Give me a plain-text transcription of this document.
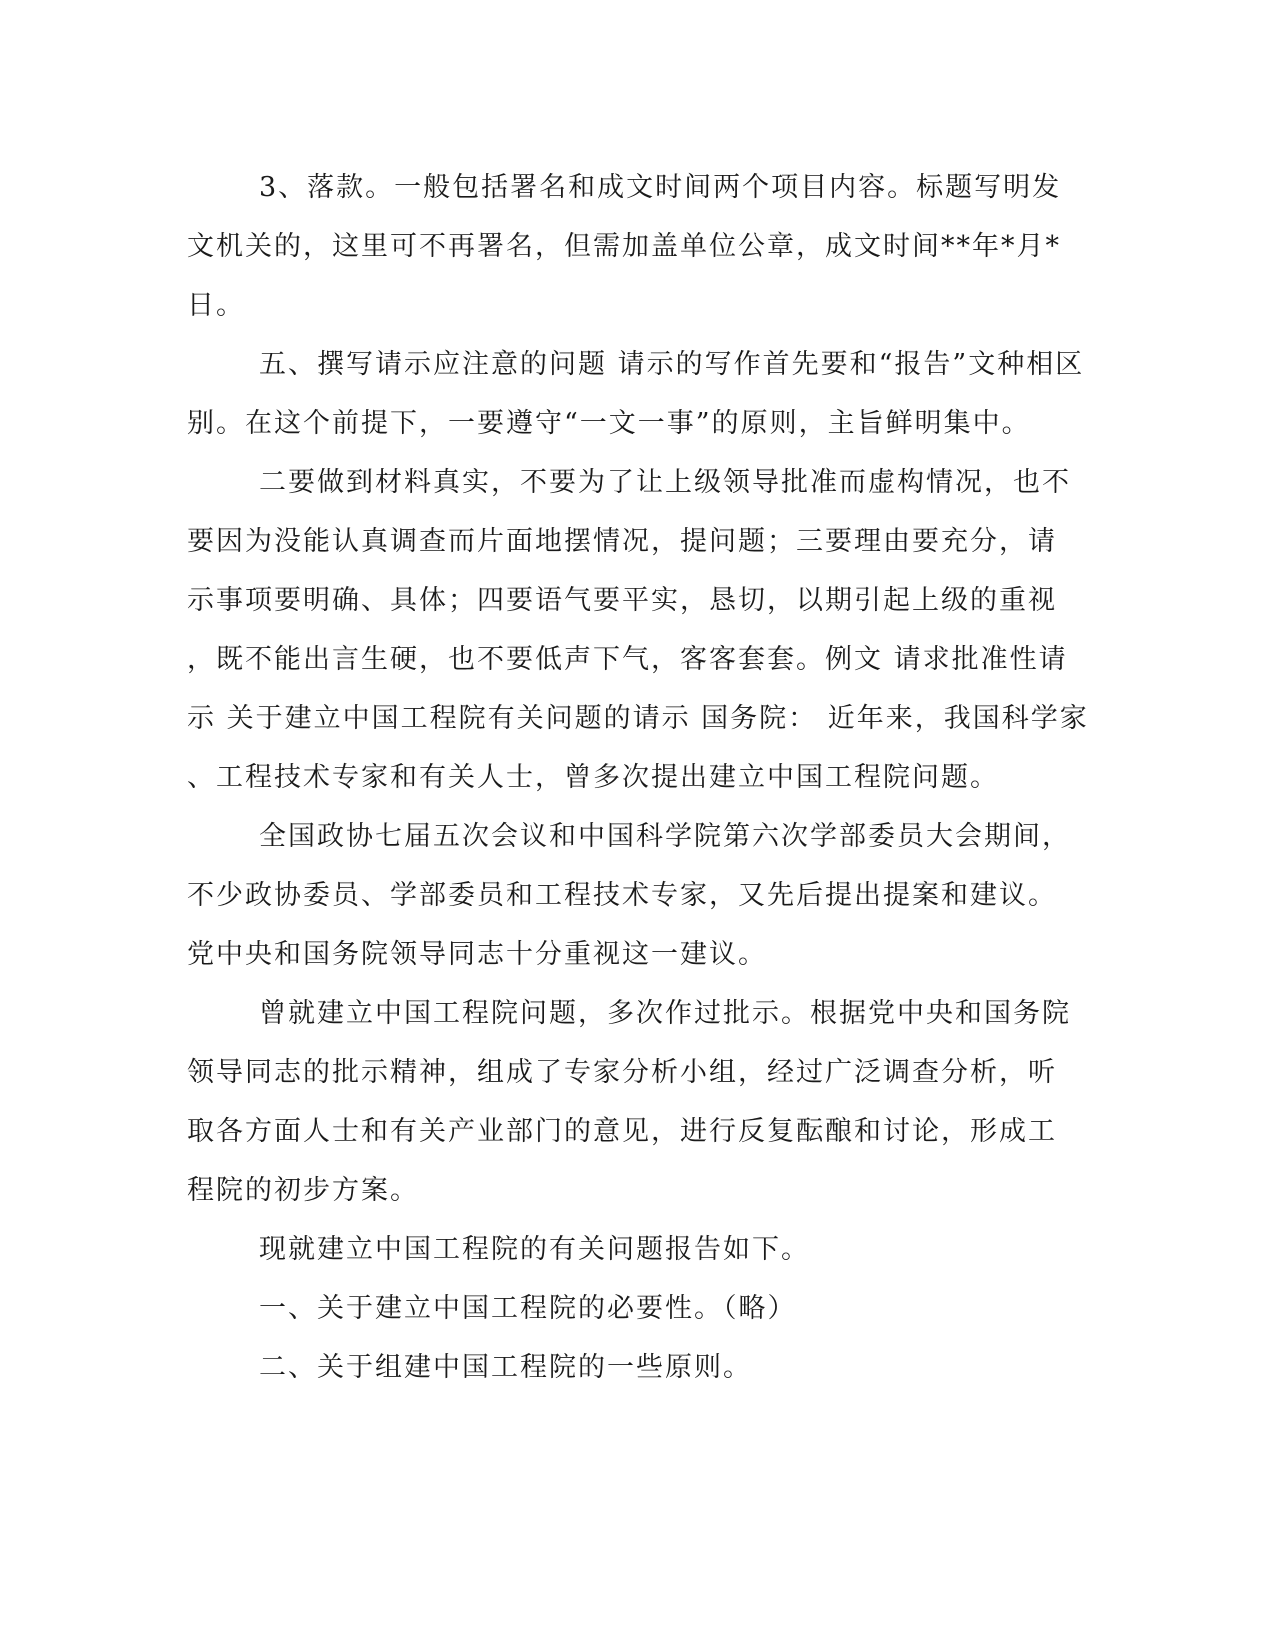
3、落款。一般包括署名和成文时间两个项目内容。标题写明发
文机关的，这里可不再署名，但需加盖单位公章，成文时间**年*月*
日。
五、撰写请示应注意的问题 请示的写作首先要和“报告”文种相区
别。在这个前提下，一要遵守“一文一事”的原则，主旨鲜明集中。
二要做到材料真实，不要为了让上级领导批准而虚构情况，也不
要因为没能认真调查而片面地摆情况，提问题；三要理由要充分，请
示事项要明确、具体；四要语气要平实，恳切，以期引起上级的重视
，既不能出言生硬，也不要低声下气，客客套套。例文 请求批准性请
示 关于建立中国工程院有关问题的请示 国务院： 近年来，我国科学家
、工程技术专家和有关人士，曾多次提出建立中国工程院问题。
全国政协七届五次会议和中国科学院第六次学部委员大会期间，
不少政协委员、学部委员和工程技术专家，又先后提出提案和建议。
党中央和国务院领导同志十分重视这一建议。
曾就建立中国工程院问题，多次作过批示。根据党中央和国务院
领导同志的批示精神，组成了专家分析小组，经过广泛调查分析，听
取各方面人士和有关产业部门的意见，进行反复酝酿和讨论，形成工
程院的初步方案。
现就建立中国工程院的有关问题报告如下。
一、关于建立中国工程院的必要性。（略）
二、关于组建中国工程院的一些原则。
